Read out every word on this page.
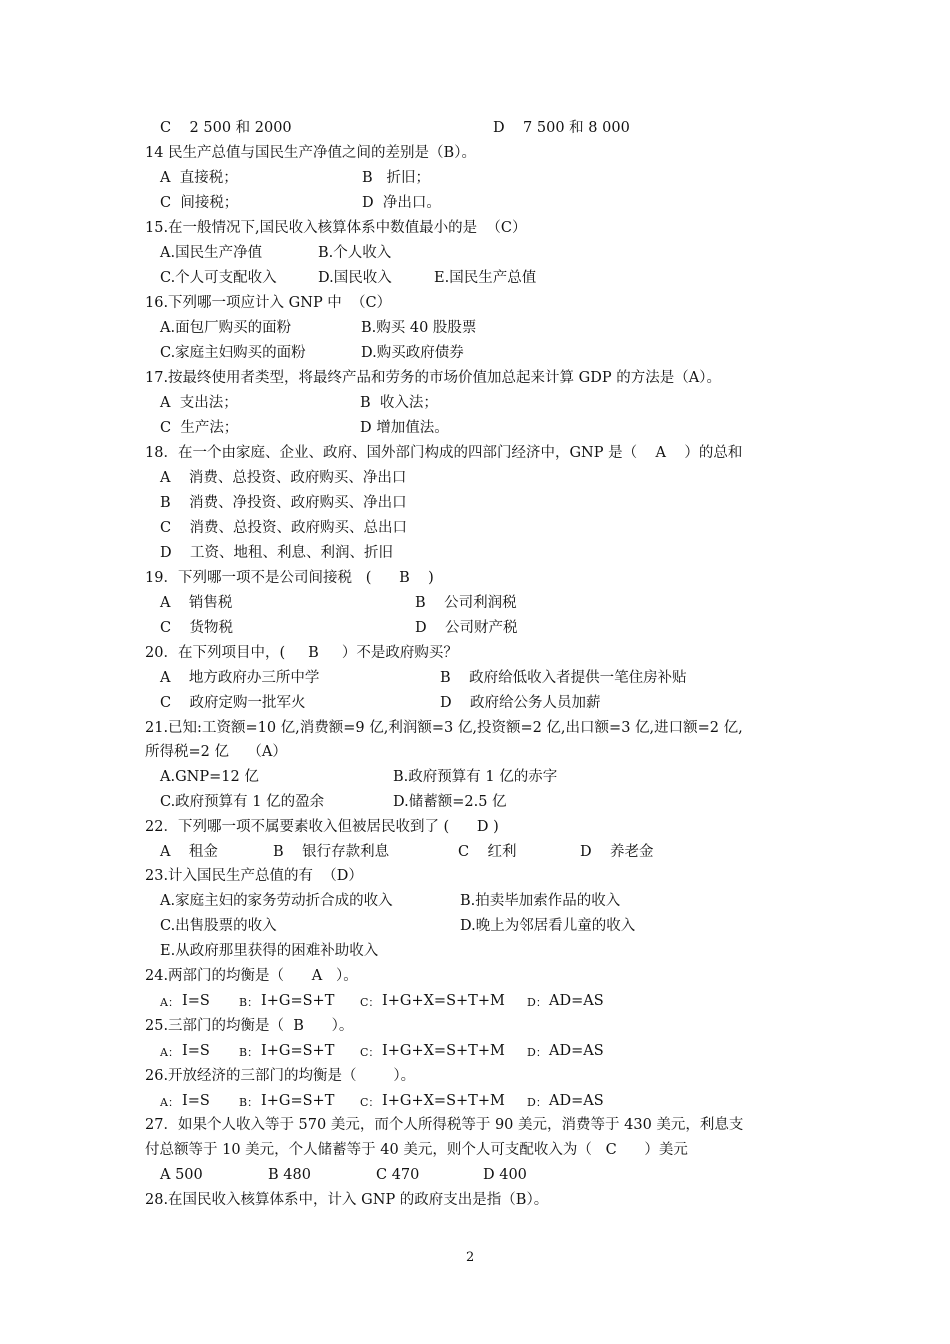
C    2 500 和 2000	D    7 500 和 8 000
14 民生产总值与国民生产净值之间的差别是（B）。
A  直接税；	B   折旧；
C  间接税；	D  净出口。
15.在一般情况下,国民收入核算体系中数值最小的是  （C）
A.国民生产净值	B.个人收入
C.个人可支配收入	D.国民收入	E.国民生产总值
16.下列哪一项应计入 GNP 中  （C）
A.面包厂购买的面粉	B.购买 40 股股票
C.家庭主妇购买的面粉	D.购买政府债券
17.按最终使用者类型，将最终产品和劳务的市场价值加总起来计算 GDP 的方法是（A）。
A  支出法；	B  收入法；
C  生产法；	D 增加值法。
18．在一个由家庭、企业、政府、国外部门构成的四部门经济中，GNP 是（    A    ）的总和
A    消费、总投资、政府购买、净出口
B    消费、净投资、政府购买、净出口
C    消费、总投资、政府购买、总出口
D    工资、地租、利息、利润、折旧
19．下列哪一项不是公司间接税   (      B    )
A    销售税	B    公司利润税
C    货物税	D    公司财产税
20．在下列项目中，(     B     ）不是政府购买？
A    地方政府办三所中学	B    政府给低收入者提供一笔住房补贴
C    政府定购一批军火	D    政府给公务人员加薪
21.已知:工资额=10 亿,消费额=9 亿,利润额=3 亿,投资额=2 亿,出口额=3 亿,进口额=2 亿,
所得税=2 亿    （A）
A.GNP=12 亿	B.政府预算有 1 亿的赤字
C.政府预算有 1 亿的盈余	D.储蓄额=2.5 亿
22．下列哪一项不属要素收入但被居民收到了 (      D )
A    租金	B    银行存款利息	C    红利	D    养老金
23.计入国民生产总值的有  （D）
A.家庭主妇的家务劳动折合成的收入	B.拍卖毕加索作品的收入
C.出售股票的收入	D.晚上为邻居看儿童的收入
E.从政府那里获得的困难补助收入
24.两部门的均衡是（      A   ）。
A： I=S	B： I+G=S+T C： I+G+X=S+T+M D： AD=AS
25.三部门的均衡是（  B      ）。
A： I=S	B： I+G=S+T C： I+G+X=S+T+M D： AD=AS
26.开放经济的三部门的均衡是（        ）。
A： I=S	B： I+G=S+T C： I+G+X=S+T+M D： AD=AS
27．如果个人收入等于 570 美元，而个人所得税等于 90 美元，消费等于 430 美元，利息支
付总额等于 10 美元，个人储蓄等于 40 美元，则个人可支配收入为（   C      ）美元
A 500	B 480	C 470	D 400
28.在国民收入核算体系中，计入 GNP 的政府支出是指（B）。
2
